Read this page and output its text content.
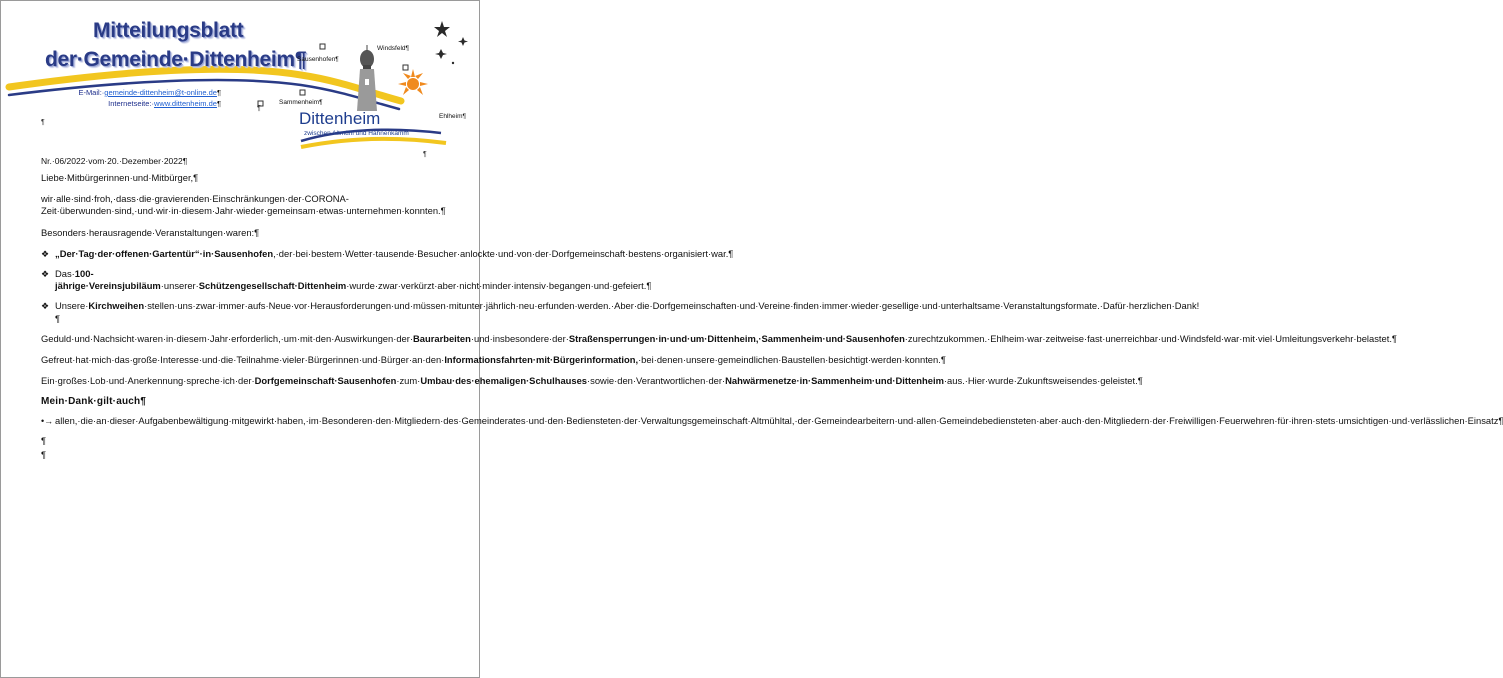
Mitteilungsblatt
der·Gemeinde·Dittenheim¶
E-Mail:·gemeinde-dittenheim@t-online.de¶
Internetseite:·www.dittenheim.de¶
Sausenhofen¶
Windsfeld¶
Sammenheim¶
Ehlheim¶
Dittenheim
zwischen Altmühl und Hahnenkamm
¶
¶
¶
Nr.·06/2022·vom·20.·Dezember·2022¶

Liebe·Mitbürgerinnen·und·Mitbürger,¶

wir·alle·sind·froh,·dass·die·gravierenden·Einschränkungen·der·CORONA-Zeit·überwunden·sind,·und·wir·in·diesem·Jahr·wieder·gemeinsam·etwas·unternehmen·konnten.¶

Besonders·herausragende·Veranstaltungen·waren:¶

❖ „Der·Tag·der·offenen·Gartentür“·in·Sausenhofen,·der·bei·bestem·Wetter·tausende·Besucher·anlockte·und·von·der·Dorfgemeinschaft·bestens·organisiert·war.¶
❖ Das·100-jährige·Vereinsjubiläum·unserer·Schützengesellschaft·Dittenheim·wurde·zwar·verkürzt·aber·nicht·minder·intensiv·begangen·und·gefeiert.¶
❖ Unsere·Kirchweihen·stellen·uns·zwar·immer·aufs·Neue·vor·Herausforderungen·und·müssen·mitunter·jährlich·neu·erfunden·werden.·Aber·die·Dorfgemeinschaften·und·Vereine·finden·immer·wieder·gesellige·und·unterhaltsame·Veranstaltungsformate.·Dafür·herzlichen·Dank!¶

Geduld·und·Nachsicht·waren·in·diesem·Jahr·erforderlich,·um·mit·den·Auswirkungen·der·Baurarbeiten·und·insbesondere·der·Straßensperrungen·in·und·um·Dittenheim,·Sammenheim·und·Sausenhofen·zurechtzukommen.·Ehlheim·war·zeitweise·fast·unerreichbar·und·Windsfeld·war·mit·viel·Umleitungsverkehr·belastet.¶

Gefreut·hat·mich·das·große·Interesse·und·die·Teilnahme·vieler·Bürgerinnen·und·Bürger·an·den·Informationsfahrten·mit·Bürgerinformation,·bei·denen·unsere·gemeindlichen·Baustellen·besichtigt·werden·konnten.¶

Ein·großes·Lob·und·Anerkennung·spreche·ich·der·Dorfgemeinschaft·Sausenhofen·zum·Umbau·des·ehemaligen·Schulhauses·sowie·den·Verantwortlichen·der·Nahwärmenetze·in·Sammenheim·und·Dittenheim·aus.·Hier·wurde·Zukunftsweisendes·geleistet.¶

Mein·Dank·gilt·auch¶
•→ allen,·die·an·dieser·Aufgabenbewältigung·mitgewirkt·haben,·im·Besonderen·den·Mitgliedern·des·Gemeinderates·und·den·Bediensteten·der·Verwaltungsgemeinschaft·Altmühltal,·der·Gemeindearbeitern·und·allen·Gemeindebediensteten·aber·auch·den·Mitgliedern·der·Freiwilligen·Feuerwehren·für·ihren·stets·umsichtigen·und·verlässlichen·Einsatz¶
¶
¶
